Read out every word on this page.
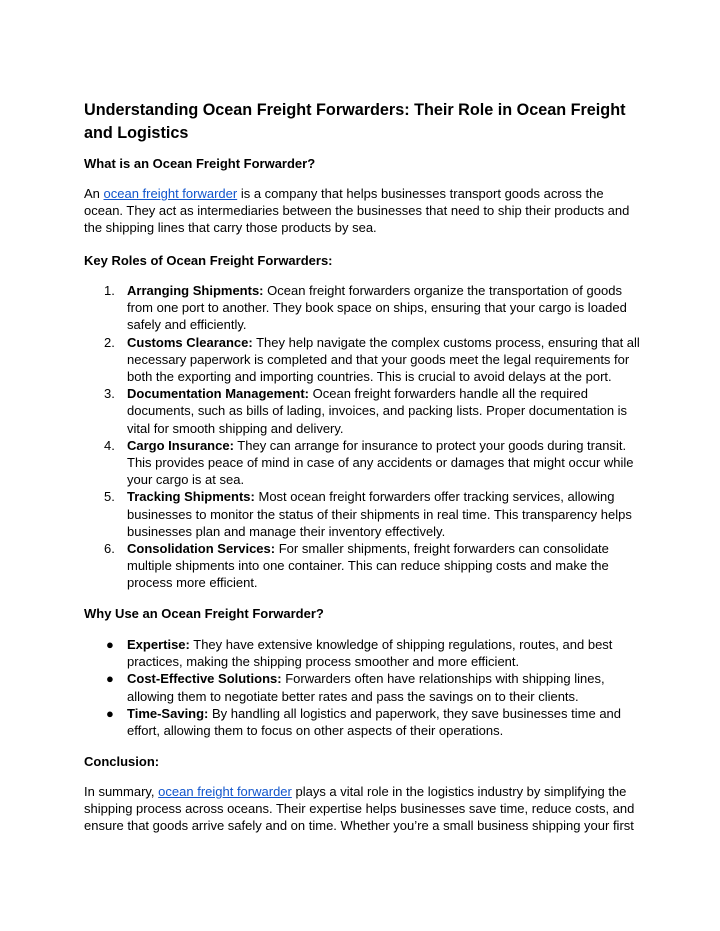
Understanding Ocean Freight Forwarders: Their Role in Ocean Freight and Logistics
What is an Ocean Freight Forwarder?

An ocean freight forwarder is a company that helps businesses transport goods across the ocean. They act as intermediaries between the businesses that need to ship their products and the shipping lines that carry those products by sea.

Key Roles of Ocean Freight Forwarders:
1. Arranging Shipments: Ocean freight forwarders organize the transportation of goods from one port to another. They book space on ships, ensuring that your cargo is loaded safely and efficiently.
2. Customs Clearance: They help navigate the complex customs process, ensuring that all necessary paperwork is completed and that your goods meet the legal requirements for both the exporting and importing countries. This is crucial to avoid delays at the port.
3. Documentation Management: Ocean freight forwarders handle all the required documents, such as bills of lading, invoices, and packing lists. Proper documentation is vital for smooth shipping and delivery.
4. Cargo Insurance: They can arrange for insurance to protect your goods during transit. This provides peace of mind in case of any accidents or damages that might occur while your cargo is at sea.
5. Tracking Shipments: Most ocean freight forwarders offer tracking services, allowing businesses to monitor the status of their shipments in real time. This transparency helps businesses plan and manage their inventory effectively.
6. Consolidation Services: For smaller shipments, freight forwarders can consolidate multiple shipments into one container. This can reduce shipping costs and make the process more efficient.
Why Use an Ocean Freight Forwarder?
● Expertise: They have extensive knowledge of shipping regulations, routes, and best practices, making the shipping process smoother and more efficient.
● Cost-Effective Solutions: Forwarders often have relationships with shipping lines, allowing them to negotiate better rates and pass the savings on to their clients.
● Time-Saving: By handling all logistics and paperwork, they save businesses time and effort, allowing them to focus on other aspects of their operations.
Conclusion:

In summary, ocean freight forwarder plays a vital role in the logistics industry by simplifying the shipping process across oceans. Their expertise helps businesses save time, reduce costs, and ensure that goods arrive safely and on time. Whether you’re a small business shipping your first
